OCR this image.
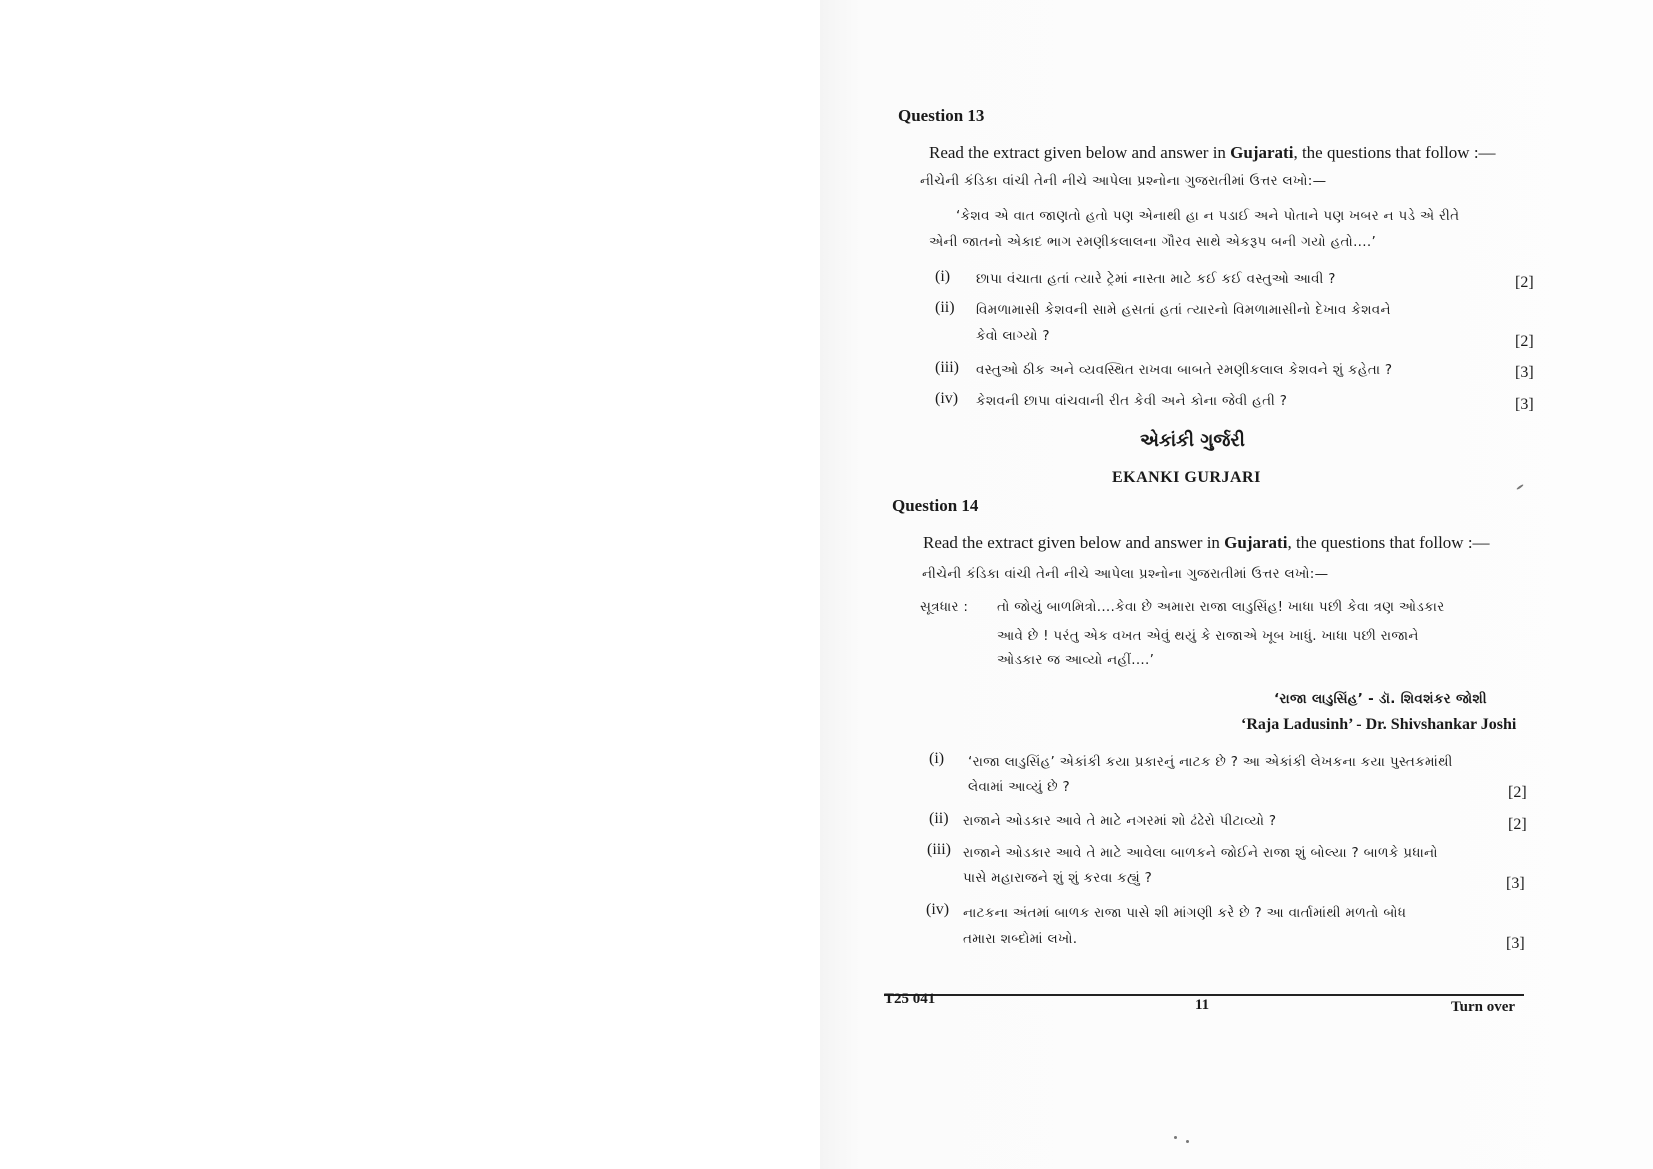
Question 13
Read the extract given below and answer in Gujarati, the questions that follow :—
નીચેની કંડિકા વાંચી તેની નીચે આપેલા પ્રશ્નોના ગુજરાતીમાં ઉત્તર લખો:—
‘કેશવ એ વાત જાણતો હતો પણ એનાથી હા ન પડાઈ અને પોતાને પણ ખબર ન પડે એ રીતે
એની જાતનો એકાદ ભાગ રમણીકલાલના ગૌરવ સાથે એકરૂપ બની ગયો હતો....’
(i) છાપા વંચાતા હતાં ત્યારે ટ્રેમાં નાસ્તા માટે કઈ કઈ વસ્તુઓ આવી ?	[2]
(ii) વિમળામાસી કેશવની સામે હસતાં હતાં ત્યારનો વિમળામાસીનો દેખાવ કેશવને
કેવો લાગ્યો ?	[2]
(iii) વસ્તુઓ ઠીક અને વ્યવસ્થિત રાખવા બાબતે રમણીકલાલ કેશવને શું કહેતા ?	[3]
(iv) કેશવની છાપા વાંચવાની રીત કેવી અને કોના જેવી હતી ?	[3]
એકાંકી ગુર્જરી
EKANKI GURJARI
Question 14
Read the extract given below and answer in Gujarati, the questions that follow :—
નીચેની કંડિકા વાંચી તેની નીચે આપેલા પ્રશ્નોના ગુજરાતીમાં ઉત્તર લખો:—
સૂત્રધાર : તો જોયું બાળમિત્રો....કેવા છે અમારા રાજા લાડુસિંહ! ખાધા પછી કેવા ત્રણ ઓડકાર
આવે છે ! પરંતુ એક વખત એવું થયું કે રાજાએ ખૂબ ખાધું. ખાધા પછી રાજાને
ઓડકાર જ આવ્યો નહીં....’
‘રાજા લાડુસિંહ’ - ડૉ. શિવશંકર જોશી
‘Raja Ladusinh’ - Dr. Shivshankar Joshi
(i) ‘રાજા લાડુસિંહ’ એકાંકી કયા પ્રકારનું નાટક છે ? આ એકાંકી લેખકના કયા પુસ્તકમાંથી
લેવામાં આવ્યું છે ?	[2]
(ii) રાજાને ઓડકાર આવે તે માટે નગરમાં શો ઢંઢેરો પીટાવ્યો ?	[2]
(iii) રાજાને ઓડકાર આવે તે માટે આવેલા બાળકને જોઈને રાજા શું બોલ્યા ? બાળકે પ્રધાનો
પાસે મહારાજને શું શું કરવા કહ્યું ?	[3]
(iv) નાટકના અંતમાં બાળક રાજા પાસે શી માંગણી કરે છે ? આ વાર્તામાંથી મળતો બોધ
તમારા શબ્દોમાં લખો.	[3]
T25 041	11	Turn over
